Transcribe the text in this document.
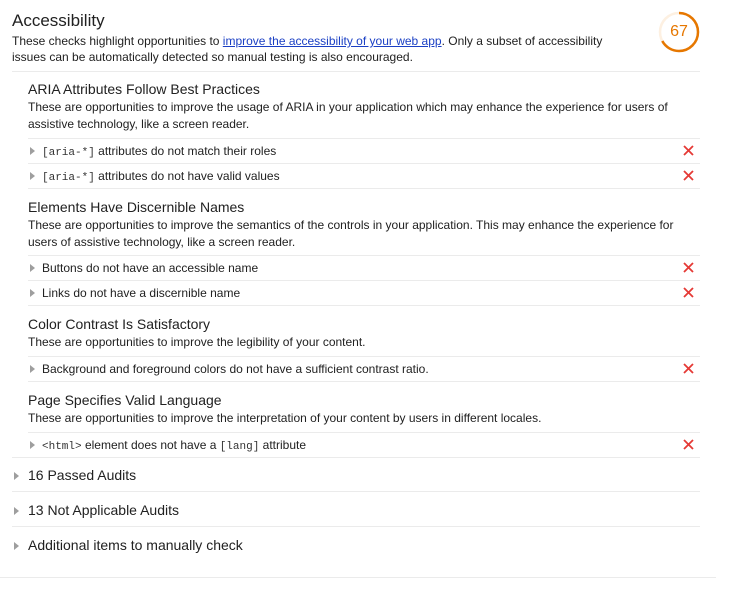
Accessibility
These checks highlight opportunities to improve the accessibility of your web app. Only a subset of accessibility issues can be automatically detected so manual testing is also encouraged.
67
ARIA Attributes Follow Best Practices
These are opportunities to improve the usage of ARIA in your application which may enhance the experience for users of assistive technology, like a screen reader.
[aria-*] attributes do not match their roles
[aria-*] attributes do not have valid values
Elements Have Discernible Names
These are opportunities to improve the semantics of the controls in your application. This may enhance the experience for users of assistive technology, like a screen reader.
Buttons do not have an accessible name
Links do not have a discernible name
Color Contrast Is Satisfactory
These are opportunities to improve the legibility of your content.
Background and foreground colors do not have a sufficient contrast ratio.
Page Specifies Valid Language
These are opportunities to improve the interpretation of your content by users in different locales.
<html> element does not have a [lang] attribute
16 Passed Audits
13 Not Applicable Audits
Additional items to manually check
